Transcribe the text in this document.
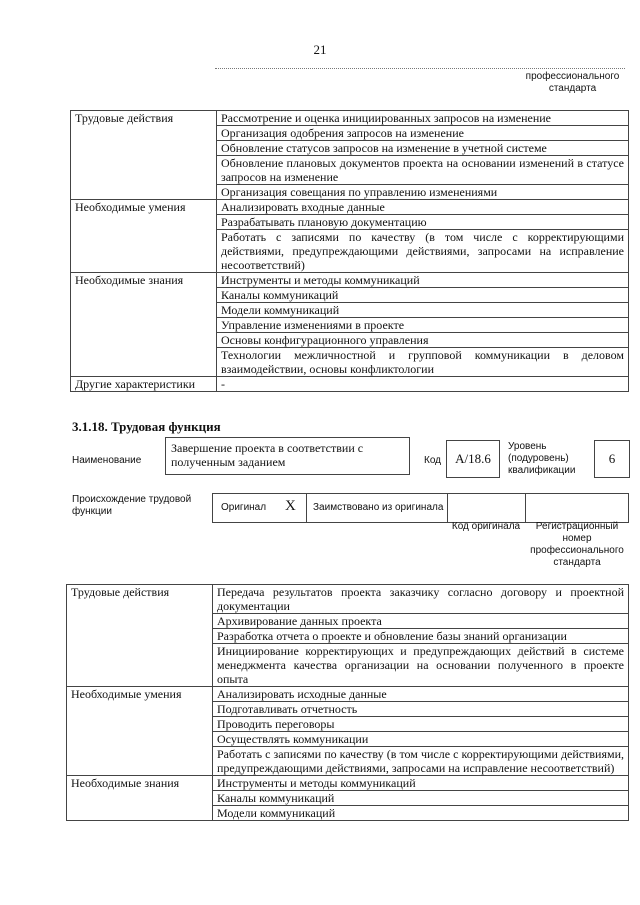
21
профессионального
стандарта
Трудовые действия	Рассмотрение и оценка инициированных запросов на изменение
	Организация одобрения запросов на изменение
	Обновление статусов запросов на изменение в учетной системе
	Обновление плановых документов проекта на основании изменений в статусе запросов на изменение
	Организация совещания по управлению изменениями
Необходимые умения	Анализировать входные данные
	Разрабатывать плановую документацию
	Работать с записями по качеству (в том числе с корректирующими действиями, предупреждающими действиями, запросами на исправление несоответствий)
Необходимые знания	Инструменты и методы коммуникаций
	Каналы коммуникаций
	Модели коммуникаций
	Управление изменениями в проекте
	Основы конфигурационного управления
	Технологии межличностной и групповой коммуникации в деловом взаимодействии, основы конфликтологии
Другие характеристики	-
3.1.18. Трудовая функция
Наименование
Завершение проекта в соответствии с полученным заданием	Код	A/18.6
Уровень (подуровень) квалификации
6
Происхождение трудовой функции	Оригинал X Заимствовано из оригинала
Код оригинала	Регистрационный номер профессионального стандарта
Трудовые действия	Передача результатов проекта заказчику согласно договору и проектной документации
	Архивирование данных проекта
	Разработка отчета о проекте и обновление базы знаний организации
	Инициирование корректирующих и предупреждающих действий в системе менеджмента качества организации на основании полученного в проекте опыта
Необходимые умения	Анализировать исходные данные
	Подготавливать отчетность
	Проводить переговоры
	Осуществлять коммуникации
	Работать с записями по качеству (в том числе с корректирующими действиями, предупреждающими действиями, запросами на исправление несоответствий)
Необходимые знания	Инструменты и методы коммуникаций
	Каналы коммуникаций
	Модели коммуникаций
